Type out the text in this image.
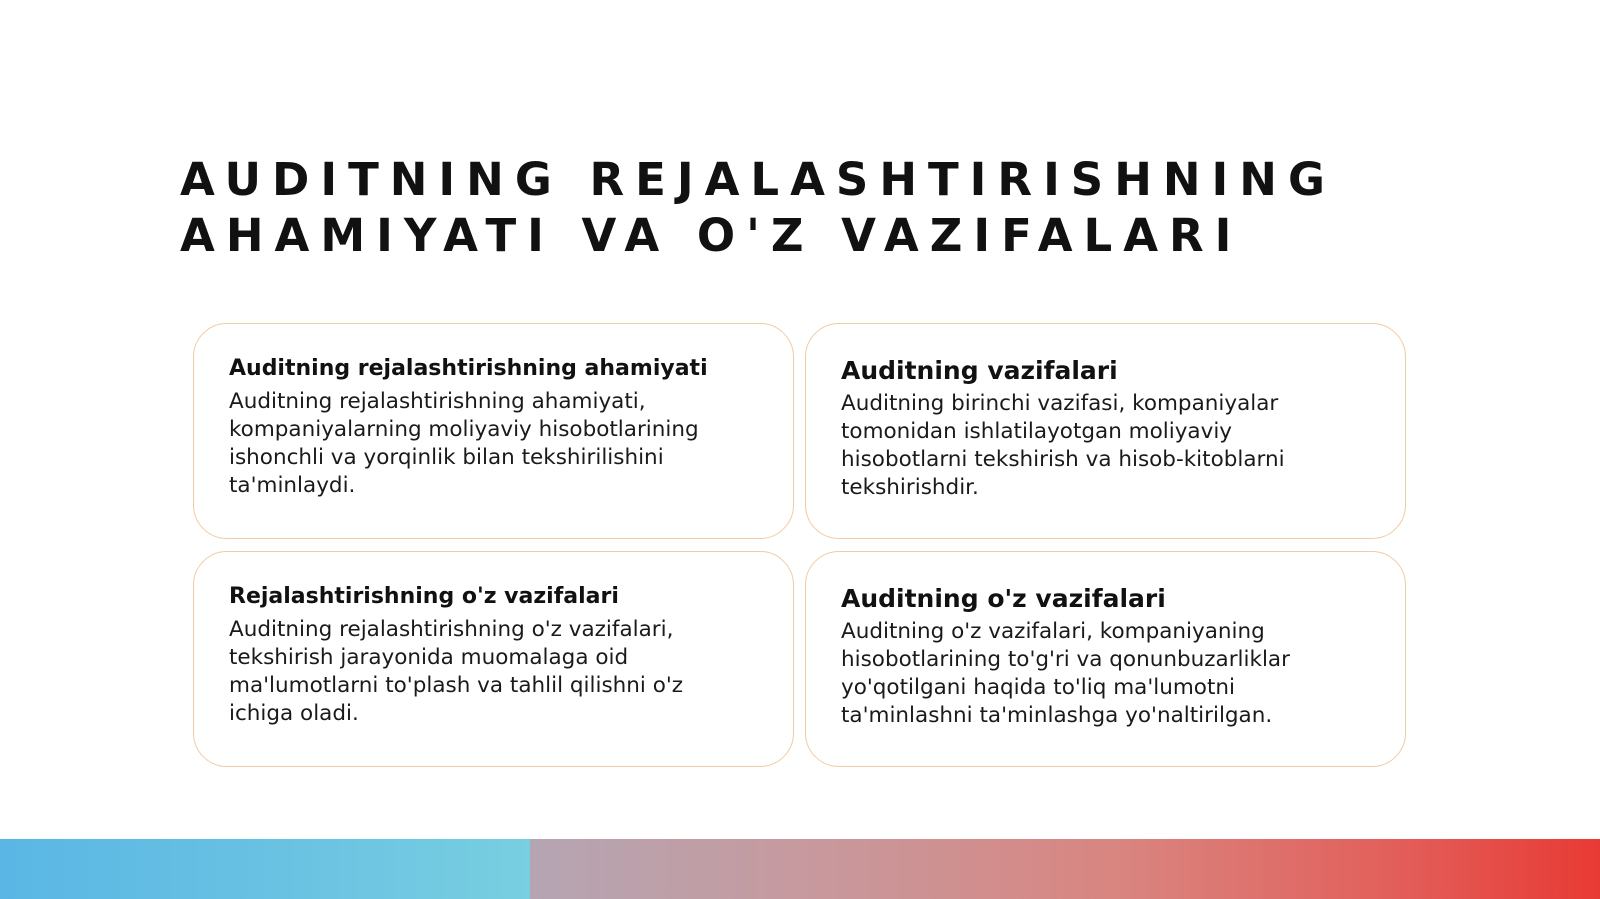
AUDITNING REJALASHTIRISHNING
AHAMIYATI VA O'Z VAZIFALARI
Auditning rejalashtirishning ahamiyati

Auditning rejalashtirishning ahamiyati,
kompaniyalarning moliyaviy hisobotlarining
ishonchli va yorqinlik bilan tekshirilishini
ta'minlaydi.

Auditning vazifalari

Auditning birinchi vazifasi, kompaniyalar
tomonidan ishlatilayotgan moliyaviy
hisobotlarni tekshirish va hisob-kitoblarni
tekshirishdir.

Rejalashtirishning o'z vazifalari

Auditning rejalashtirishning o'z vazifalari,
tekshirish jarayonida muomalaga oid
ma'lumotlarni to'plash va tahlil qilishni o'z
ichiga oladi.

Auditning o'z vazifalari

Auditning o'z vazifalari, kompaniyaning
hisobotlarining to'g'ri va qonunbuzarliklar
yo'qotilgani haqida to'liq ma'lumotni
ta'minlashni ta'minlashga yo'naltirilgan.
